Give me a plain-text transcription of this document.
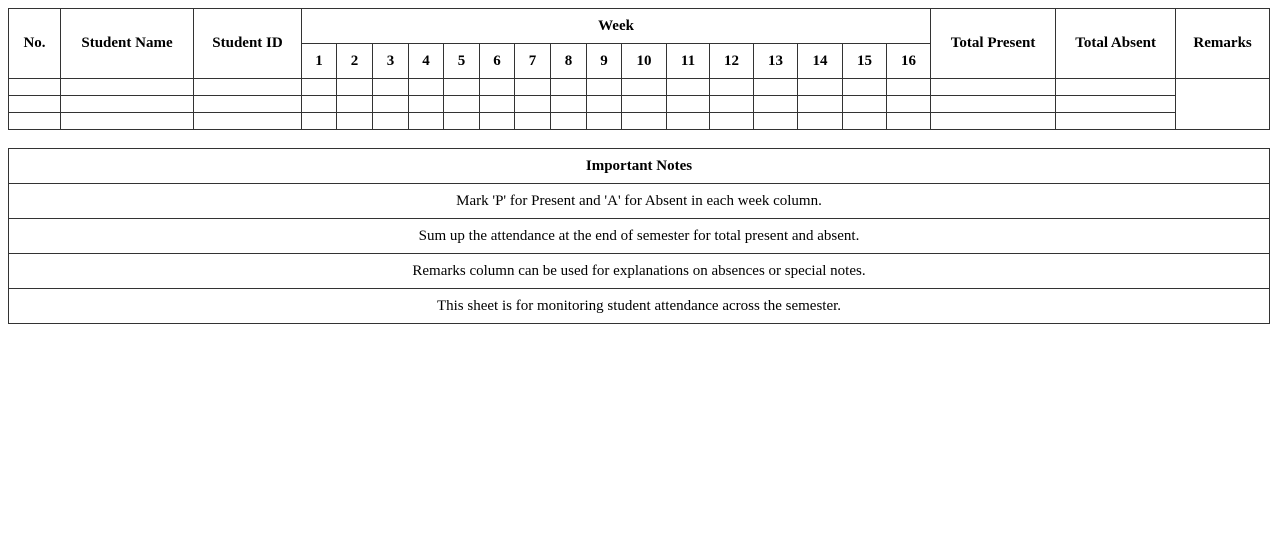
No.	Student Name	Student ID	Week																Total Present	Total Absent	Remarks
			1	2	3	4	5	6	7	8	9	10	11	12	13	14	15	16			

Important Notes
Mark 'P' for Present and 'A' for Absent in each week column.
Sum up the attendance at the end of semester for total present and absent.
Remarks column can be used for explanations on absences or special notes.
This sheet is for monitoring student attendance across the semester.
